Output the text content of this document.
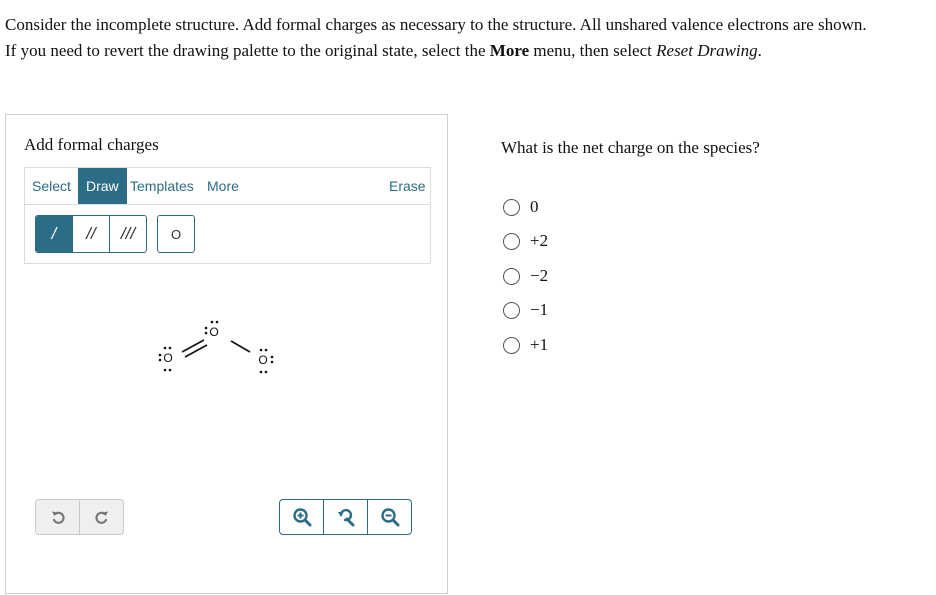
Consider the incomplete structure. Add formal charges as necessary to the structure. All unshared valence electrons are shown.
If you need to revert the drawing palette to the original state, select the More menu, then select Reset Drawing.
Add formal charges
Select	Draw Templates More	Erase
/	//	///	O
O
O
O
What is the net charge on the species?
0
+2
−2
−1
+1
